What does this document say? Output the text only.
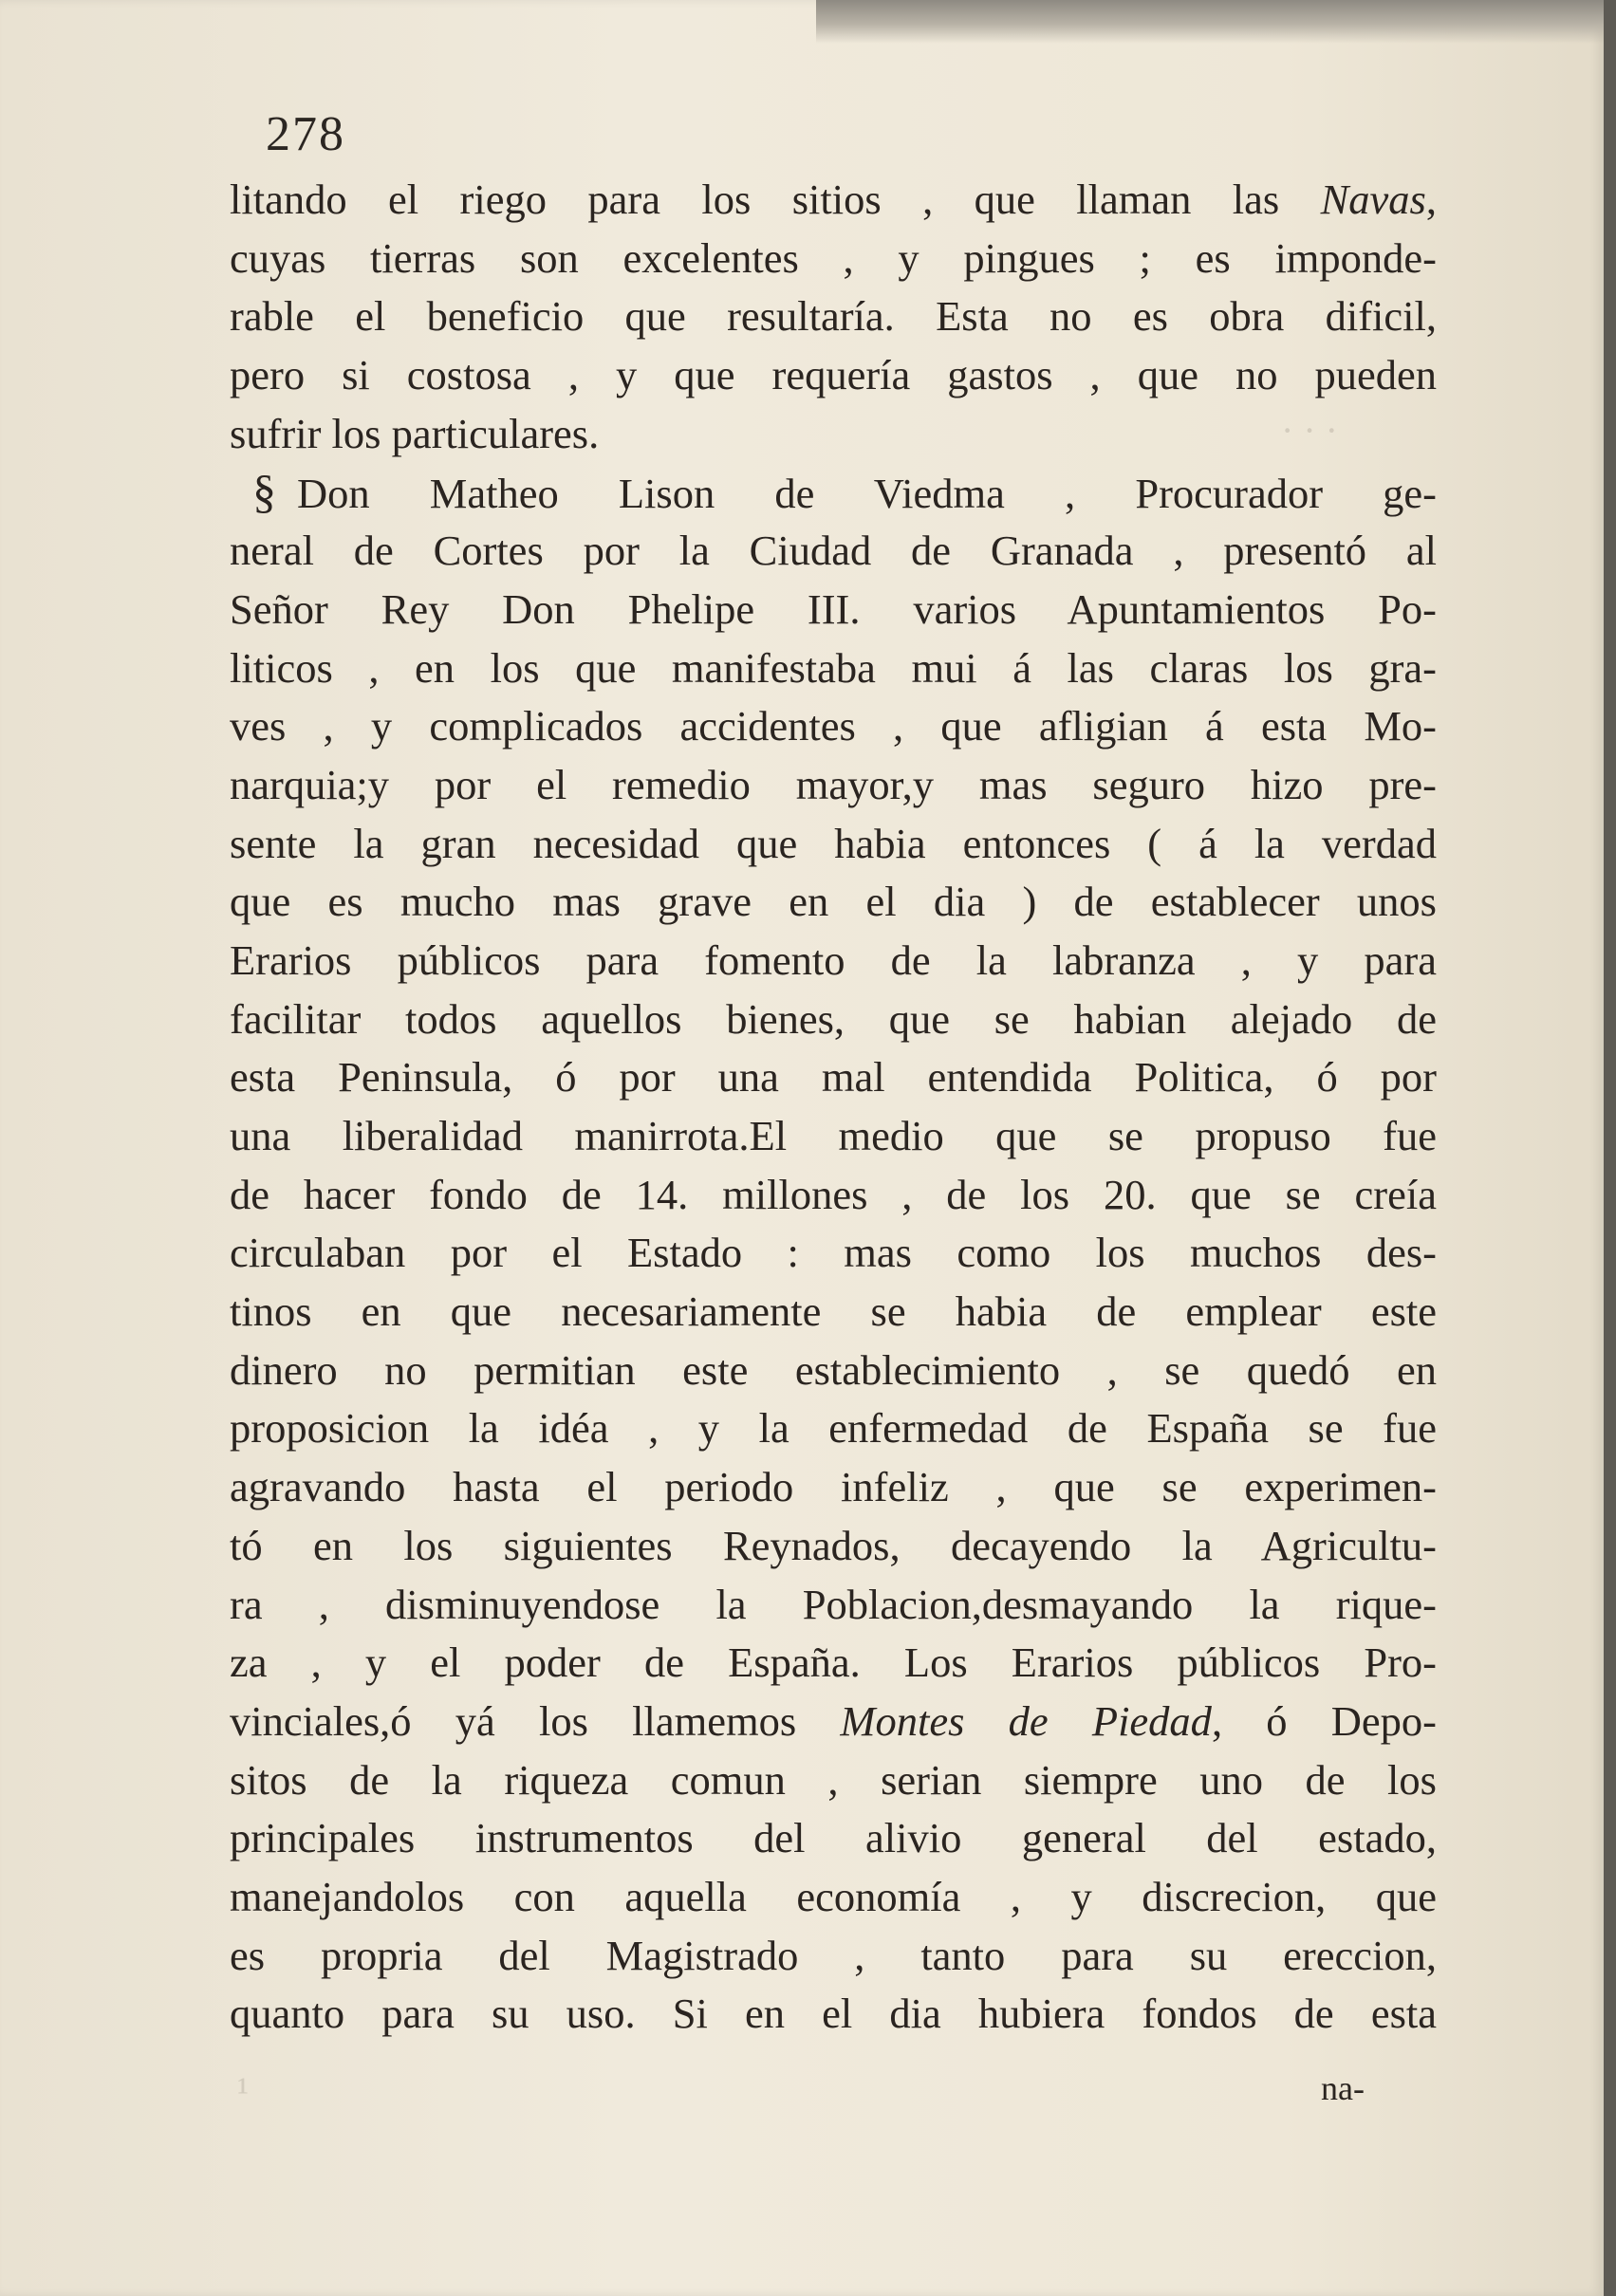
278
· · ·
¹
litando el riego para los sitios , que llaman las Navas,
cuyas tierras son excelentes , y pingues ; es imponde-
rable el beneficio que resultaría. Esta no es obra dificil,
pero si costosa , y que requería gastos , que no pueden
sufrir los particulares.
§ Don Matheo Lison de Viedma , Procurador ge-
neral de Cortes por la Ciudad de Granada , presentó al
Señor Rey Don Phelipe III. varios Apuntamientos Po-
liticos , en los que manifestaba mui á las claras los gra-
ves , y complicados accidentes , que afligian á esta Mo-
narquia;y por el remedio mayor,y mas seguro hizo pre-
sente la gran necesidad que habia entonces ( á la verdad
que es mucho mas grave en el dia ) de establecer unos
Erarios públicos para fomento de la labranza , y para
facilitar todos aquellos bienes, que se habian alejado de
esta Peninsula, ó por una mal entendida Politica, ó por
una liberalidad manirrota.El medio que se propuso fue
de hacer fondo de 14. millones , de los 20. que se creía
circulaban por el Estado : mas como los muchos des-
tinos en que necesariamente se habia de emplear este
dinero no permitian este establecimiento , se quedó en
proposicion la idéa , y la enfermedad de España se fue
agravando hasta el periodo infeliz , que se experimen-
tó en los siguientes Reynados, decayendo la Agricultu-
ra , disminuyendose la Poblacion,desmayando la rique-
za , y el poder de España. Los Erarios públicos Pro-
vinciales,ó yá los llamemos Montes de Piedad, ó Depo-
sitos de la riqueza comun , serian siempre uno de los
principales instrumentos del alivio general del estado,
manejandolos con aquella economía , y discrecion, que
es propria del Magistrado , tanto para su ereccion,
quanto para su uso. Si en el dia hubiera fondos de esta
na-
